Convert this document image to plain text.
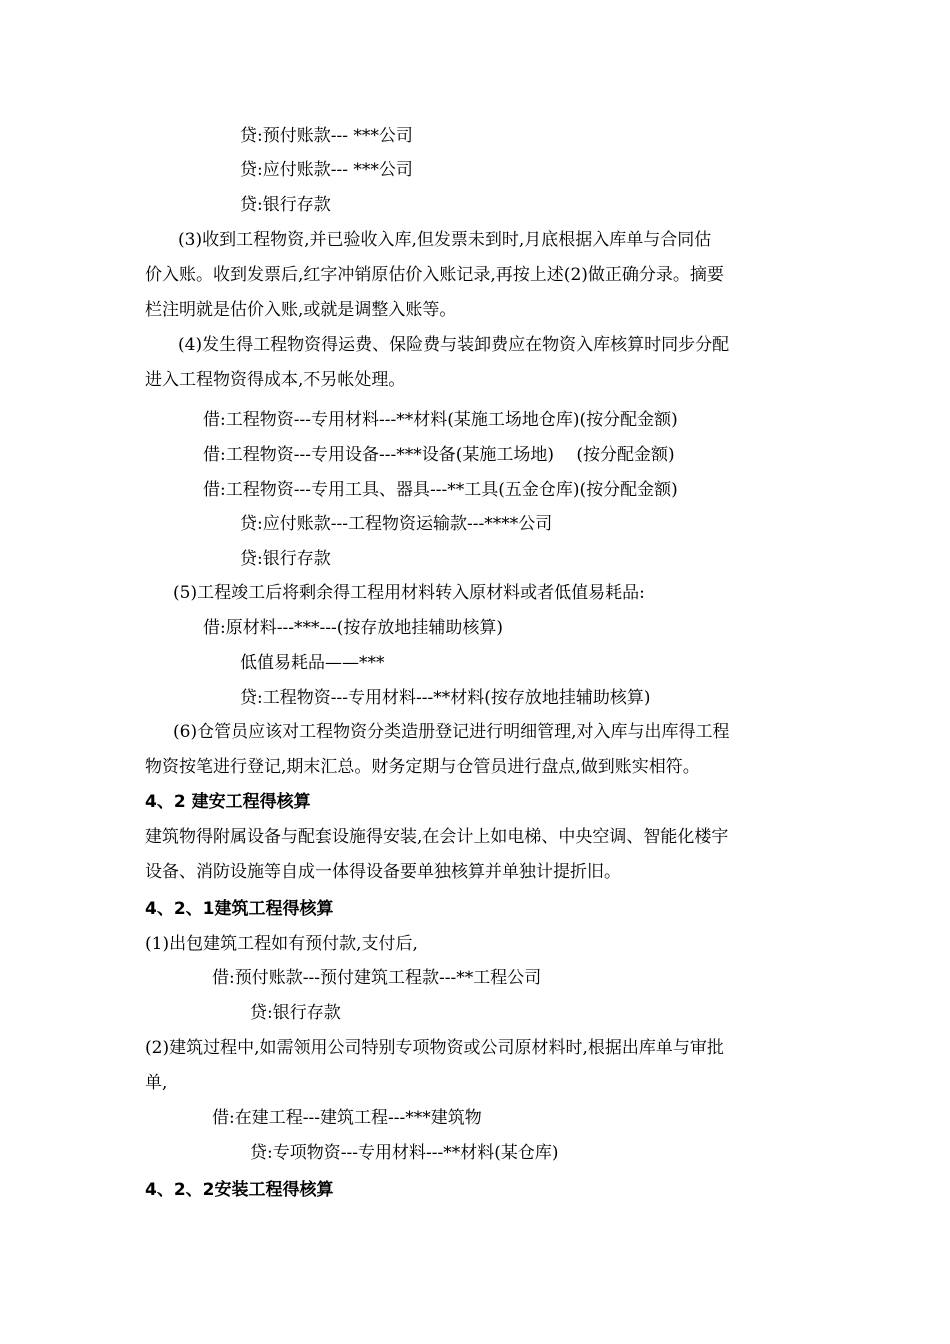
贷:预付账款--- ***公司
贷:应付账款--- ***公司
贷:银行存款
(3)收到工程物资,并已验收入库,但发票未到时,月底根据入库单与合同估
价入账。收到发票后,红字冲销原估价入账记录,再按上述(2)做正确分录。摘要
栏注明就是估价入账,或就是调整入账等。
(4)发生得工程物资得运费、保险费与装卸费应在物资入库核算时同步分配
进入工程物资得成本,不另帐处理。
借:工程物资---专用材料---**材料(某施工场地仓库)(按分配金额)
借:工程物资---专用设备---***设备(某施工场地)　 (按分配金额)
借:工程物资---专用工具、器具---**工具(五金仓库)(按分配金额)
贷:应付账款---工程物资运输款---****公司
贷:银行存款
(5)工程竣工后将剩余得工程用材料转入原材料或者低值易耗品:
借:原材料---***---(按存放地挂辅助核算)
低值易耗品——***
贷:工程物资---专用材料---**材料(按存放地挂辅助核算)
(6)仓管员应该对工程物资分类造册登记进行明细管理,对入库与出库得工程
物资按笔进行登记,期末汇总。财务定期与仓管员进行盘点,做到账实相符。
4、2 建安工程得核算
建筑物得附属设备与配套设施得安装,在会计上如电梯、中央空调、智能化楼宇
设备、消防设施等自成一体得设备要单独核算并单独计提折旧。
4、2、1建筑工程得核算
(1)出包建筑工程如有预付款,支付后,
借:预付账款---预付建筑工程款---**工程公司
贷:银行存款
(2)建筑过程中,如需领用公司特别专项物资或公司原材料时,根据出库单与审批
单,
借:在建工程---建筑工程---***建筑物
贷:专项物资---专用材料---**材料(某仓库)
4、2、2安装工程得核算
